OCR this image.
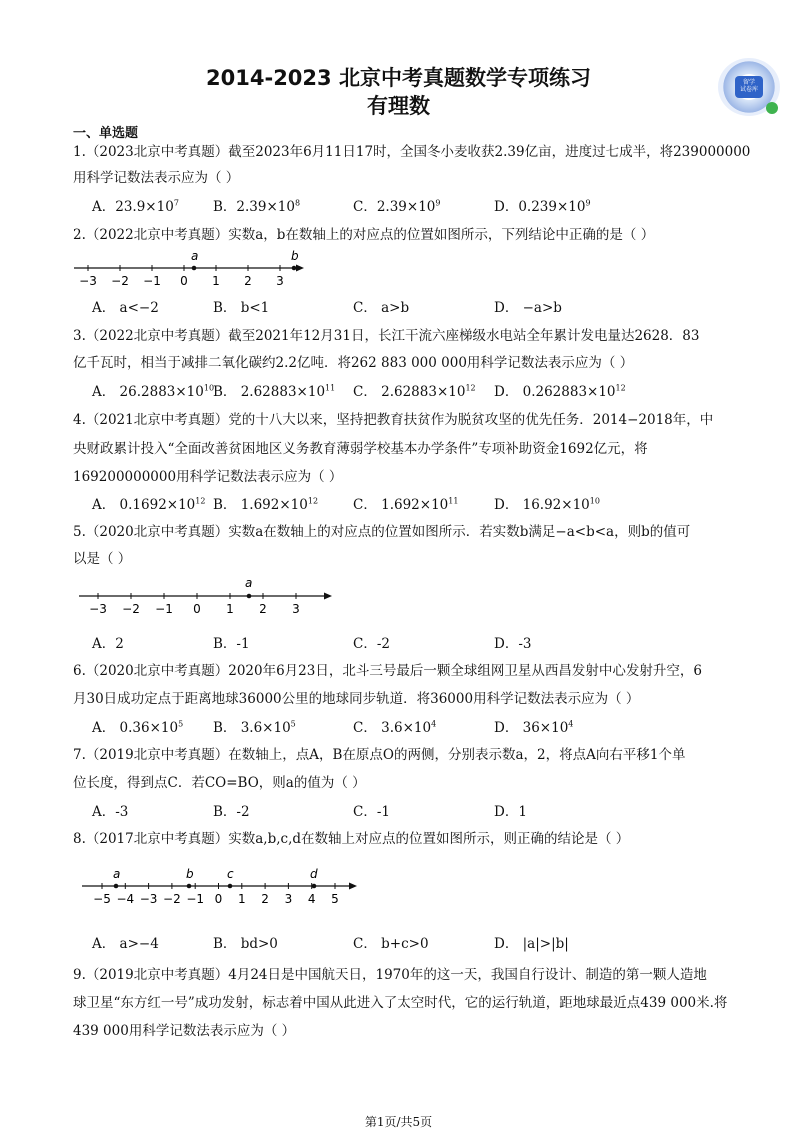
2014-2023 北京中考真题数学专项练习
有理数
留学
试卷库
一、单选题
1.（2023北京中考真题）截至2023年6月11日17时，全国冬小麦收获2.39亿亩，进度过七成半，将239000000
用科学记数法表示应为（ ）
A．$23.9\times 10^7$	B．$2.39\times 10^8$	C．$2.39\times 10^9$	D．$0.239\times 10^9$
2.（2022北京中考真题）实数a，b在数轴上的对应点的位置如图所示，下列结论中正确的是（ ）
−3 −2 −1 0 1 2 3
a	b
A． a<−2	B． b<1	C． a>b	D． −a>b
3.（2022北京中考真题）截至2021年12月31日，长江干流六座梯级水电站全年累计发电量达2628．83
亿千瓦时，相当于减排二氧化碳约2.2亿吨．将262 883 000 000用科学记数法表示应为（ ）
A． $26.2883\times 10^{10}$
B． $2.62883\times 10^{11}$ C． $2.62883\times 10^{12}$ D． $0.262883\times 10^{12}$
4.（2021北京中考真题）党的十八大以来，坚持把教育扶贫作为脱贫攻坚的优先任务．2014−2018年，中
央财政累计投入“全面改善贫困地区义务教育薄弱学校基本办学条件”专项补助资金1692亿元，将
169200000000用科学记数法表示应为（ ）
A． $0.1692\times 10^{12}$ B． $1.692\times 10^{12}$	C． $1.692\times 10^{11}$	D． $16.92\times 10^{10}$
5.（2020北京中考真题）实数a在数轴上的对应点的位置如图所示．若实数b满足−a<b<a，则b的值可
以是（ ）
−3 −2 −1 0 1 2 3
a
A．2	B．-1	C．-2	D．-3
6.（2020北京中考真题）2020年6月23日，北斗三号最后一颗全球组网卫星从西昌发射中心发射升空，6
月30日成功定点于距离地球36000公里的地球同步轨道．将36000用科学记数法表示应为（ ）
A． $0.36\times 10^5$ B． $3.6\times 10^5$	C． $3.6\times 10^4$	D． $36\times 10^4$
7.（2019北京中考真题）在数轴上，点A，B在原点O的两侧，分别表示数a，2，将点A向右平移1个单
位长度，得到点C．若CO=BO，则a的值为（ ）
A．-3	B．-2	C．-1	D．1
8.（2017北京中考真题）实数a,b,c,d在数轴上对应点的位置如图所示，则正确的结论是（ ）
−5 −4 −3 −2 −1 0 1 2 3 4 5
a	b	c	d
A． a>−4	B． bd>0	C． b+c>0	D． |a|>|b|
9.（2019北京中考真题）4月24日是中国航天日，1970年的这一天，我国自行设计、制造的第一颗人造地
球卫星“东方红一号”成功发射，标志着中国从此进入了太空时代，它的运行轨道，距地球最近点439 000米.将
439 000用科学记数法表示应为（ ）
第1页/共5页
